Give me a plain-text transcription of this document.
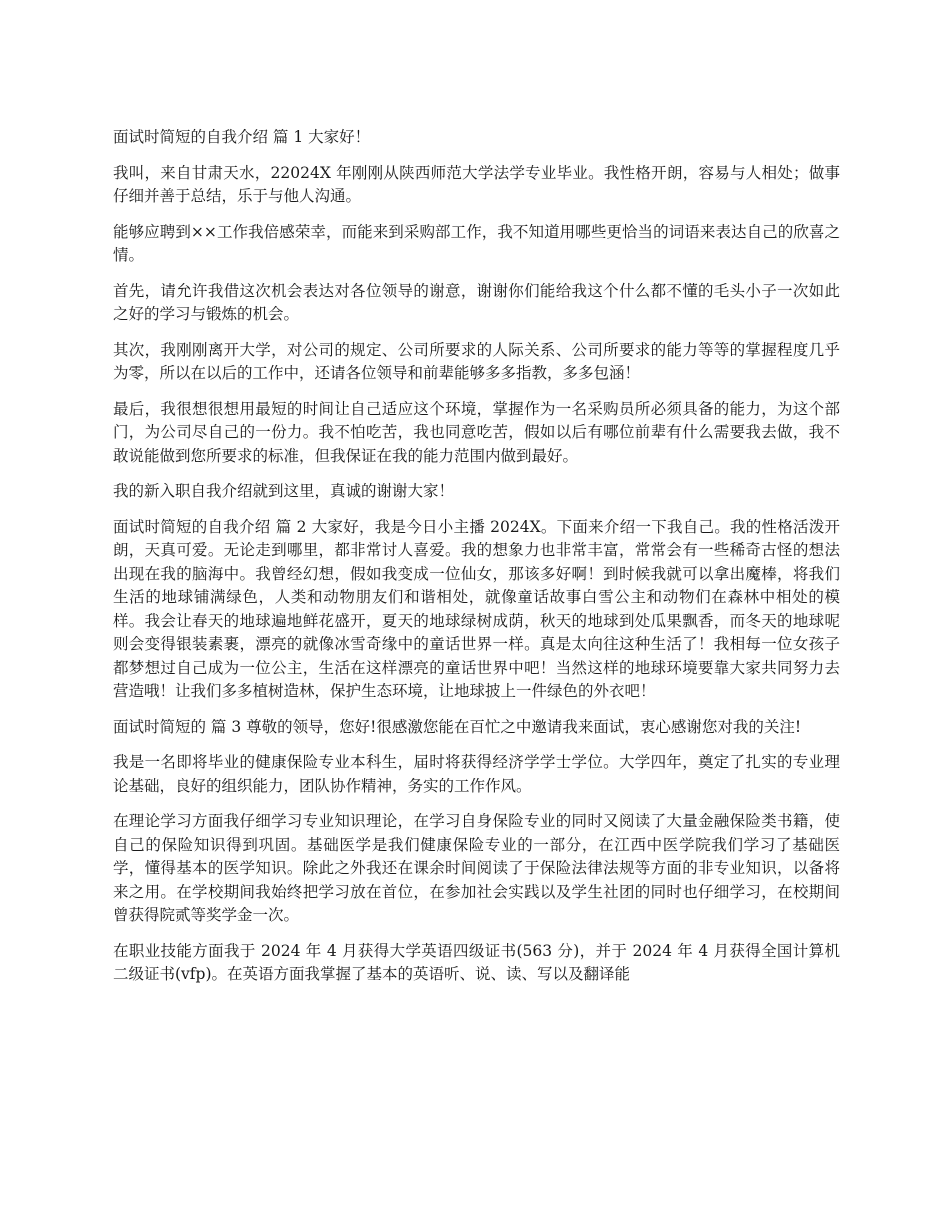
面试时简短的自我介绍 篇 1 大家好！

我叫，来自甘肃天水，22024X 年刚刚从陕西师范大学法学专业毕业。我性格开朗，容易与人相处；做事仔细并善于总结，乐于与他人沟通。

能够应聘到××工作我倍感荣幸，而能来到采购部工作，我不知道用哪些更恰当的词语来表达自己的欣喜之情。

首先，请允许我借这次机会表达对各位领导的谢意，谢谢你们能给我这个什么都不懂的毛头小子一次如此之好的学习与锻炼的机会。

其次，我刚刚离开大学，对公司的规定、公司所要求的人际关系、公司所要求的能力等等的掌握程度几乎为零，所以在以后的工作中，还请各位领导和前辈能够多多指教，多多包涵！

最后，我很想很想用最短的时间让自己适应这个环境，掌握作为一名采购员所必须具备的能力，为这个部门，为公司尽自己的一份力。我不怕吃苦，我也同意吃苦，假如以后有哪位前辈有什么需要我去做，我不敢说能做到您所要求的标准，但我保证在我的能力范围内做到最好。

我的新入职自我介绍就到这里，真诚的谢谢大家！

面试时简短的自我介绍 篇 2 大家好，我是今日小主播 2024X。下面来介绍一下我自己。我的性格活泼开朗，天真可爱。无论走到哪里，都非常讨人喜爱。我的想象力也非常丰富，常常会有一些稀奇古怪的想法出现在我的脑海中。我曾经幻想，假如我变成一位仙女，那该多好啊！到时候我就可以拿出魔棒，将我们生活的地球铺满绿色，人类和动物朋友们和谐相处，就像童话故事白雪公主和动物们在森林中相处的模样。我会让春天的地球遍地鲜花盛开，夏天的地球绿树成荫，秋天的地球到处瓜果飘香，而冬天的地球呢则会变得银装素裹，漂亮的就像冰雪奇缘中的童话世界一样。真是太向往这种生活了！我相每一位女孩子都梦想过自己成为一位公主，生活在这样漂亮的童话世界中吧！当然这样的地球环境要靠大家共同努力去营造哦！让我们多多植树造林，保护生态环境，让地球披上一件绿色的外衣吧！

面试时简短的 篇 3 尊敬的领导，您好!很感激您能在百忙之中邀请我来面试，衷心感谢您对我的关注!

我是一名即将毕业的健康保险专业本科生，届时将获得经济学学士学位。大学四年，奠定了扎实的专业理论基础，良好的组织能力，团队协作精神，务实的工作作风。

在理论学习方面我仔细学习专业知识理论，在学习自身保险专业的同时又阅读了大量金融保险类书籍，使自己的保险知识得到巩固。基础医学是我们健康保险专业的一部分，在江西中医学院我们学习了基础医学，懂得基本的医学知识。除此之外我还在课余时间阅读了于保险法律法规等方面的非专业知识，以备将来之用。在学校期间我始终把学习放在首位，在参加社会实践以及学生社团的同时也仔细学习，在校期间曾获得院贰等奖学金一次。

在职业技能方面我于 2024 年 4 月获得大学英语四级证书(563 分)，并于 2024 年 4 月获得全国计算机二级证书(vfp)。在英语方面我掌握了基本的英语听、说、读、写以及翻译能
